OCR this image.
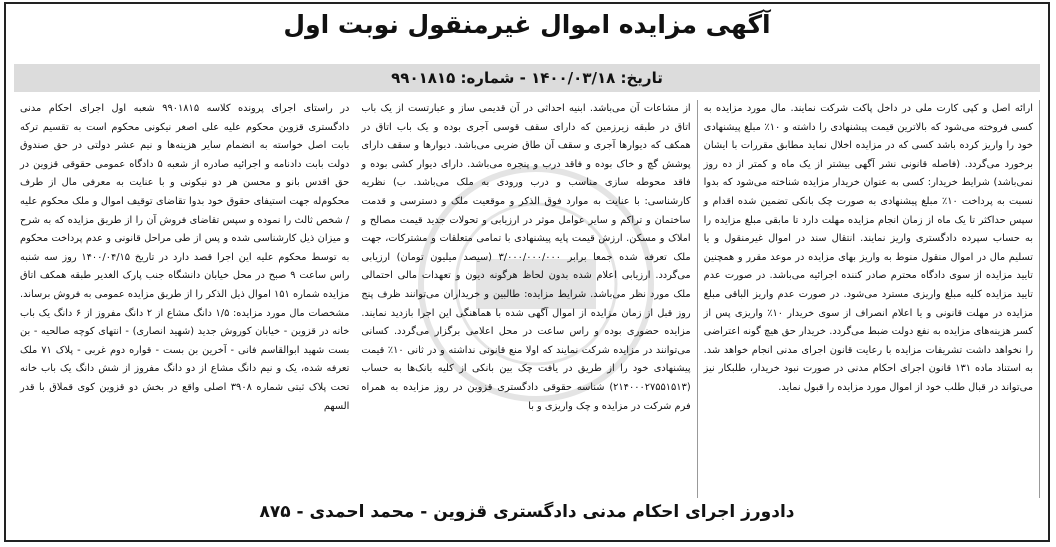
آگهی مزایده اموال غیرمنقول نوبت اول
تاریخ: ۱۴۰۰/۰۳/۱۸ - شماره: ۹۹۰۱۸۱۵

در راستای اجرای پرونده کلاسه ۹۹۰۱۸۱۵ شعبه اول اجرای احکام مدنی دادگستری قزوین محکوم علیه علی اصغر نیکونی محکوم است به تقسیم ترکه بابت اصل خواسته به انضمام سایر هزینه‌ها و نیم عشر دولتی در حق صندوق دولت بابت دادنامه و اجرائیه صادره از شعبه ۵ دادگاه عمومی حقوقی قزوین در حق اقدس بانو و محسن هر دو نیکونی و با عنایت به معرفی مال از طرف محکوم‌له جهت استیفای حقوق خود بدوا تقاضای توقیف اموال و ملک محکوم علیه / شخص ثالث را نموده و سپس تقاضای فروش آن را از طریق مزایده که به شرح و میزان ذیل کارشناسی شده و پس از طی مراحل قانونی و عدم پرداخت محکوم به توسط محکوم علیه این اجرا قصد دارد در تاریخ ۱۴۰۰/۰۴/۱۵ روز سه شنبه راس ساعت ۹ صبح در محل خیابان دانشگاه جنب پارک الغدیر طبقه همکف اتاق مزایده شماره ۱۵۱ اموال ذیل الذکر را از طریق مزایده عمومی به فروش برساند. مشخصات مال مورد مزایده: ۱/۵ دانگ مشاع از ۲ دانگ مفروز از ۶ دانگ یک باب خانه در قزوین - خیابان کوروش جدید (شهید انصاری) - انتهای کوچه صالحیه - بن بست شهید ابوالقاسم فانی - آخرین بن بست - قواره دوم غربی - پلاک ۷۱ ملک تعرفه شده، یک و نیم دانگ مشاع از دو دانگ مفروز از شش دانگ یک باب خانه تحت پلاک ثبتی شماره ۳۹۰۸ اصلی واقع در بخش دو قزوین کوی قملاق با قدر السهم

از مشاعات آن می‌باشد. ابنیه احداثی در آن قدیمی ساز و عبارتست از یک باب اتاق در طبقه زیرزمین که دارای سقف قوسی آجری بوده و یک باب اتاق در همکف که دیوارها آجری و سقف آن طاق ضربی می‌باشد. دیوارها و سقف دارای پوشش گچ و خاک بوده و فاقد درب و پنجره می‌باشد. دارای دیوار کشی بوده و فاقد محوطه سازی مناسب و درب ورودی به ملک می‌باشد. ب) نظریه کارشناسی: با عنایت به موارد فوق الذکر و موقعیت ملک و دسترسی و قدمت ساختمان و تراکم و سایر عوامل موثر در ارزیابی و تحولات جدید قیمت مصالح و املاک و مسکن. ارزش قیمت پایه پیشنهادی با تمامی متعلقات و مشترکات، جهت ملک تعرفه شده جمعا برابر ۳/۰۰۰/۰۰۰/۰۰۰ (سیصد میلیون تومان) ارزیابی می‌گردد. ارزیابی اعلام شده بدون لحاظ هرگونه دیون و تعهدات مالی احتمالی ملک مورد نظر می‌باشد. شرایط مزایده: طالبین و خریداران می‌توانند ظرف پنج روز قبل از زمان مزایده از اموال آگهی شده با هماهنگی این اجرا بازدید نمایند. مزایده حضوری بوده و راس ساعت در محل اعلامی برگزار می‌گردد. کسانی می‌توانند در مزایده شرکت نمایند که اولا منع قانونی نداشته و در ثانی ۱۰٪ قیمت پیشنهادی خود را از طریق در یافت چک بین بانکی از کلیه بانک‌ها به حساب (۲۱۴۰۰۰۲۷۵۵۱۵۱۳) شناسه حقوقی دادگستری قزوین در روز مزایده به همراه فرم شرکت در مزایده و چک واریزی و با

ارائه اصل و کپی کارت ملی در داخل پاکت شرکت نمایند. مال مورد مزایده به کسی فروخته می‌شود که بالاترین قیمت پیشنهادی را داشته و ۱۰٪ مبلغ پیشنهادی خود را واریز کرده باشد کسی که در مزایده اخلال نماید مطابق مقررات با ایشان برخورد می‌گردد. (فاصله قانونی نشر آگهی بیشتر از یک ماه و کمتر از ده روز نمی‌باشد) شرایط خریدار: کسی به عنوان خریدار مزایده شناخته می‌شود که بدوا نسبت به پرداخت ۱۰٪ مبلغ پیشنهادی به صورت چک بانکی تضمین شده اقدام و سپس حداکثر تا یک ماه از زمان انجام مزایده مهلت دارد تا مابقی مبلغ مزایده را به حساب سپرده دادگستری واریز نمایند. انتقال سند در اموال غیرمنقول و یا تسلیم مال در اموال منقول منوط به واریز بهای مزایده در موعد مقرر و همچنین تایید مزایده از سوی دادگاه محترم صادر کننده اجرائیه می‌باشد. در صورت عدم تایید مزایده کلیه مبلغ واریزی مسترد می‌شود. در صورت عدم واریز الباقی مبلغ مزایده در مهلت قانونی و یا اعلام انصراف از سوی خریدار ۱۰٪ واریزی پس از کسر هزینه‌های مزایده به نفع دولت ضبط می‌گردد. خریدار حق هیچ گونه اعتراضی را نخواهد داشت تشریفات مزایده با رعایت قانون اجرای مدنی انجام خواهد شد. به استناد ماده ۱۳۱ قانون اجرای احکام مدنی در صورت نبود خریدار، طلبکار نیز می‌تواند در قبال طلب خود از اموال مورد مزایده را قبول نماید.

دادورز اجرای احکام مدنی دادگستری قزوین - محمد احمدی - ۸۷۵
